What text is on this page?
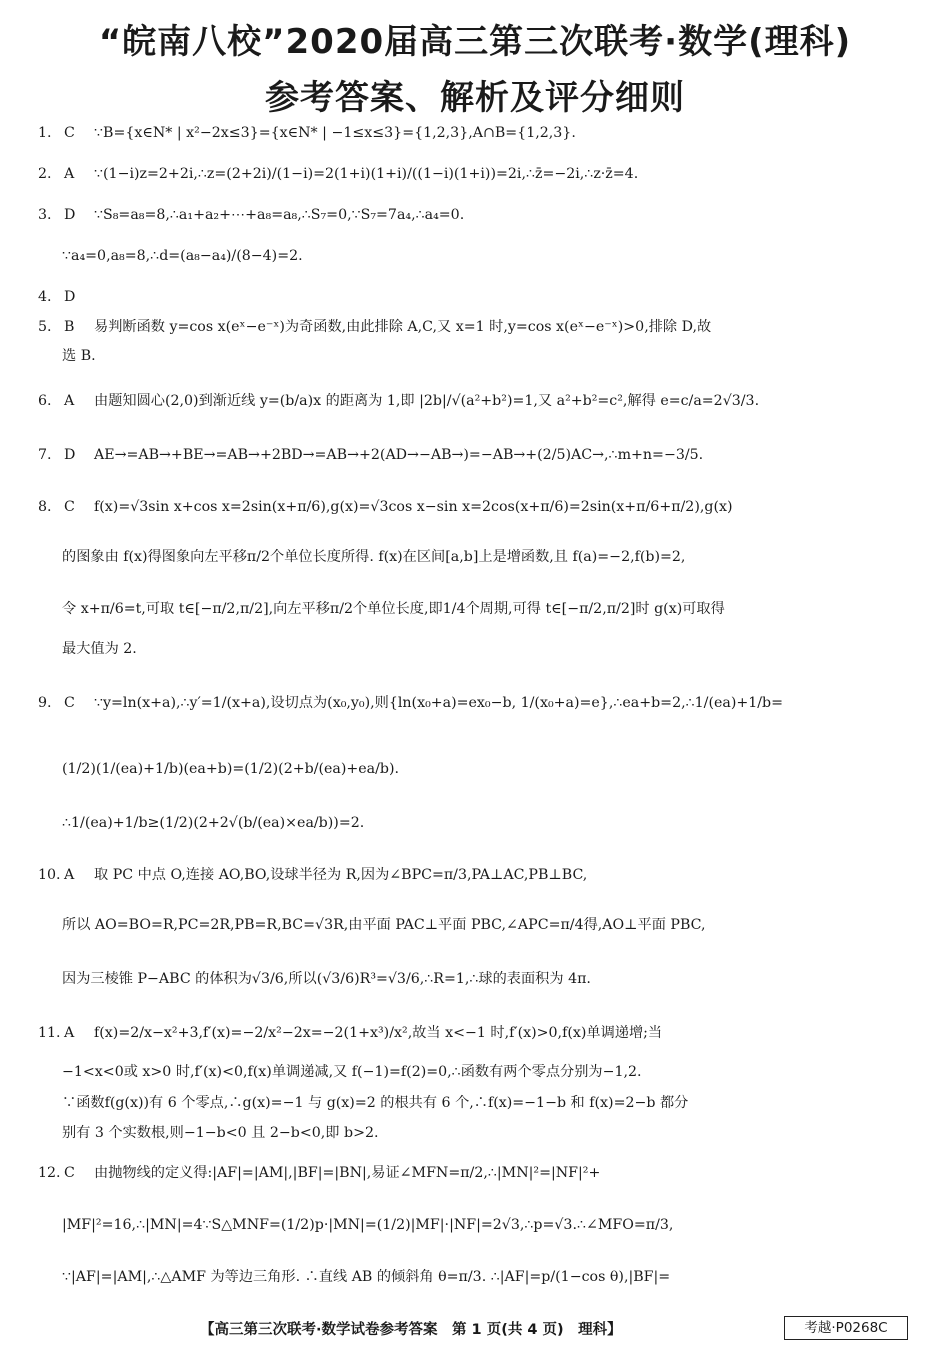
“皖南八校”2020届高三第三次联考·数学(理科)
参考答案、解析及评分细则
1. C ∵B={x∈N* | x²−2x≤3}={x∈N* | −1≤x≤3}={1,2,3},A∩B={1,2,3}.
2. A ∵(1−i)z=2+2i,∴z=(2+2i)/(1−i)=2(1+i)(1+i)/((1−i)(1+i))=2i,∴z̄=−2i,∴z·z̄=4.
3. D ∵S₈=a₈=8,∴a₁+a₂+⋯+a₈=a₈,∴S₇=0,∵S₇=7a₄,∴a₄=0.
∵a₄=0,a₈=8,∴d=(a₈−a₄)/(8−4)=2.
4. D
5. B 易判断函数 y=cos x(eˣ−e⁻ˣ)为奇函数,由此排除 A,C,又 x=1 时,y=cos x(eˣ−e⁻ˣ)>0,排除 D,故
选 B.
6. A 由题知圆心(2,0)到渐近线 y=(b/a)x 的距离为 1,即 |2b|/√(a²+b²)=1,又 a²+b²=c²,解得 e=c/a=2√3/3.
7. D AE→=AB→+BE→=AB→+2BD→=AB→+2(AD→−AB→)=−AB→+(2/5)AC→,∴m+n=−3/5.
8. C f(x)=√3sin x+cos x=2sin(x+π/6),g(x)=√3cos x−sin x=2cos(x+π/6)=2sin(x+π/6+π/2),g(x)
的图象由 f(x)得图象向左平移π/2个单位长度所得. f(x)在区间[a,b]上是增函数,且 f(a)=−2,f(b)=2,
令 x+π/6=t,可取 t∈[−π/2,π/2],向左平移π/2个单位长度,即1/4个周期,可得 t∈[−π/2,π/2]时 g(x)可取得
最大值为 2.
9. C ∵y=ln(x+a),∴y′=1/(x+a),设切点为(x₀,y₀),则{ln(x₀+a)=ex₀−b, 1/(x₀+a)=e},∴ea+b=2,∴1/(ea)+1/b=
(1/2)(1/(ea)+1/b)(ea+b)=(1/2)(2+b/(ea)+ea/b).
∴1/(ea)+1/b≥(1/2)(2+2√(b/(ea)×ea/b))=2.
10. A 取 PC 中点 O,连接 AO,BO,设球半径为 R,因为∠BPC=π/3,PA⊥AC,PB⊥BC,
所以 AO=BO=R,PC=2R,PB=R,BC=√3R,由平面 PAC⊥平面 PBC,∠APC=π/4得,AO⊥平面 PBC,
因为三棱锥 P−ABC 的体积为√3/6,所以(√3/6)R³=√3/6,∴R=1,∴球的表面积为 4π.
11. A f(x)=2/x−x²+3,f′(x)=−2/x²−2x=−2(1+x³)/x²,故当 x<−1 时,f′(x)>0,f(x)单调递增;当
−1<x<0或 x>0 时,f′(x)<0,f(x)单调递减,又 f(−1)=f(2)=0,∴函数有两个零点分别为−1,2.
∵函数f(g(x))有 6 个零点,∴g(x)=−1 与 g(x)=2 的根共有 6 个,∴f(x)=−1−b 和 f(x)=2−b 都分
别有 3 个实数根,则−1−b<0 且 2−b<0,即 b>2.
12. C 由抛物线的定义得:|AF|=|AM|,|BF|=|BN|,易证∠MFN=π/2,∴|MN|²=|NF|²+
|MF|²=16,∴|MN|=4∵S△MNF=(1/2)p·|MN|=(1/2)|MF|·|NF|=2√3,∴p=√3.∴∠MFO=π/3,
∵|AF|=|AM|,∴△AMF 为等边三角形. ∴直线 AB 的倾斜角 θ=π/3. ∴|AF|=p/(1−cos θ),|BF|=
【高三第三次联考·数学试卷参考答案　第 1 页(共 4 页)　理科】	考越·P0268C
